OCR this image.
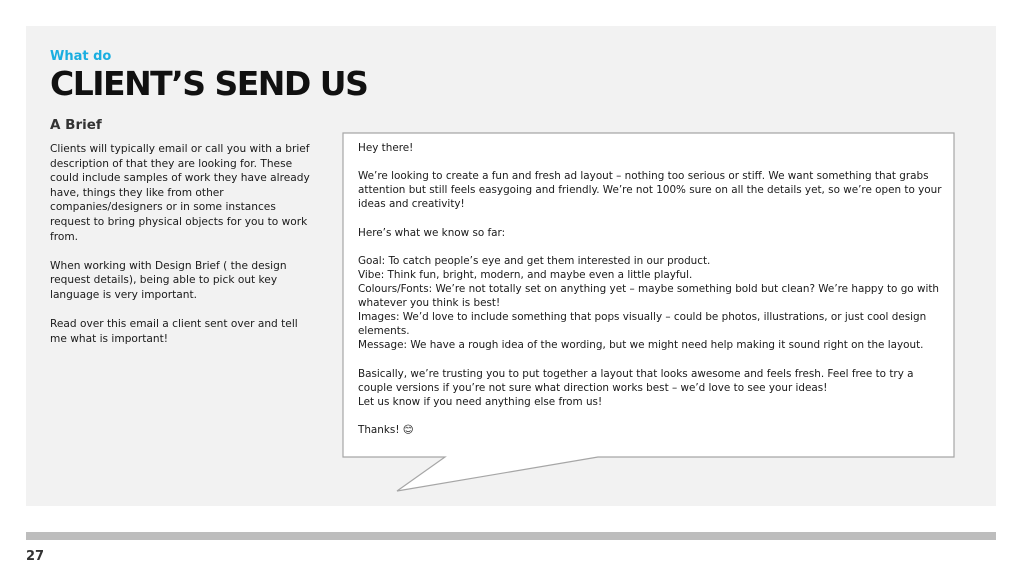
What do
CLIENT’S SEND US
A Brief

Clients will typically email or call you with a brief description of that they are looking for. These could include samples of work they have already have, things they like from other companies/designers or in some instances request to bring physical objects for you to work from.

When working with Design Brief ( the design request details), being able to pick out key language is very important.

Read over this email a client sent over and tell me what is important!

Hey there!

We’re looking to create a fun and fresh ad layout – nothing too serious or stiff. We want something that grabs attention but still feels easygoing and friendly. We’re not 100% sure on all the details yet, so we’re open to your ideas and creativity!

Here’s what we know so far:

Goal: To catch people’s eye and get them interested in our product.
Vibe: Think fun, bright, modern, and maybe even a little playful.
Colours/Fonts: We’re not totally set on anything yet – maybe something bold but clean? We’re happy to go with whatever you think is best!
Images: We’d love to include something that pops visually – could be photos, illustrations, or just cool design elements.
Message: We have a rough idea of the wording, but we might need help making it sound right on the layout.

Basically, we’re trusting you to put together a layout that looks awesome and feels fresh. Feel free to try a couple versions if you’re not sure what direction works best – we’d love to see your ideas!
Let us know if you need anything else from us!

Thanks! 😊

27
